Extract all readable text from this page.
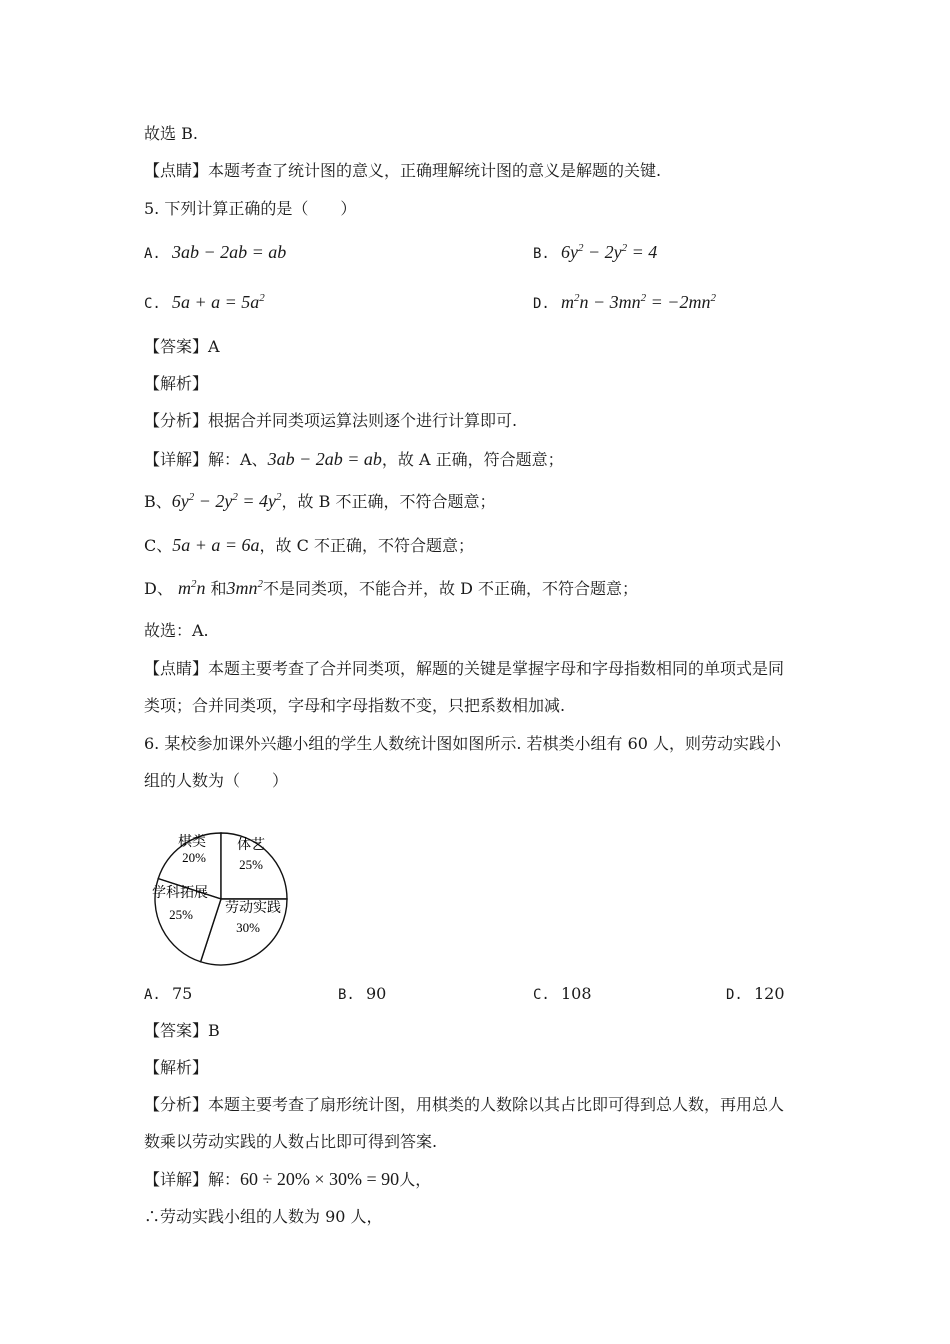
故选 B.
【点睛】本题考查了统计图的意义，正确理解统计图的意义是解题的关键.
5. 下列计算正确的是（　　）
A. 3ab − 2ab = ab	B. $6y^2 - 2y^2 = 4$
C. $5a + a = 5a^2$	D. $m^2n - 3mn^2 = -2mn^2$
【答案】A
【解析】
【分析】根据合并同类项运算法则逐个进行计算即可.
【详解】解：A、3ab − 2ab = ab，故 A 正确，符合题意；
B、$6y^2 - 2y^2 = 4y^2$，故 B 不正确，不符合题意；
C、5a + a = 6a，故 C 不正确，不符合题意；
D、 $m^2n$ 和$3mn^2$不是同类项，不能合并，故 D 不正确，不符合题意；
故选：A.
【点睛】本题主要考查了合并同类项，解题的关键是掌握字母和字母指数相同的单项式是同
类项；合并同类项，字母和字母指数不变，只把系数相加减.
6. 某校参加课外兴趣小组的学生人数统计图如图所示. 若棋类小组有 60 人，则劳动实践小
组的人数为（　　）
棋类
20%
体艺
25%
学科拓展
25% 劳动实践
30%
A. 75	B. 90	C. 108	D. 120
【答案】B
【解析】
【分析】本题主要考查了扇形统计图，用棋类的人数除以其占比即可得到总人数，再用总人
数乘以劳动实践的人数占比即可得到答案.
【详解】解：60 ÷ 20% × 30% = 90人，
∴劳动实践小组的人数为 90 人，
